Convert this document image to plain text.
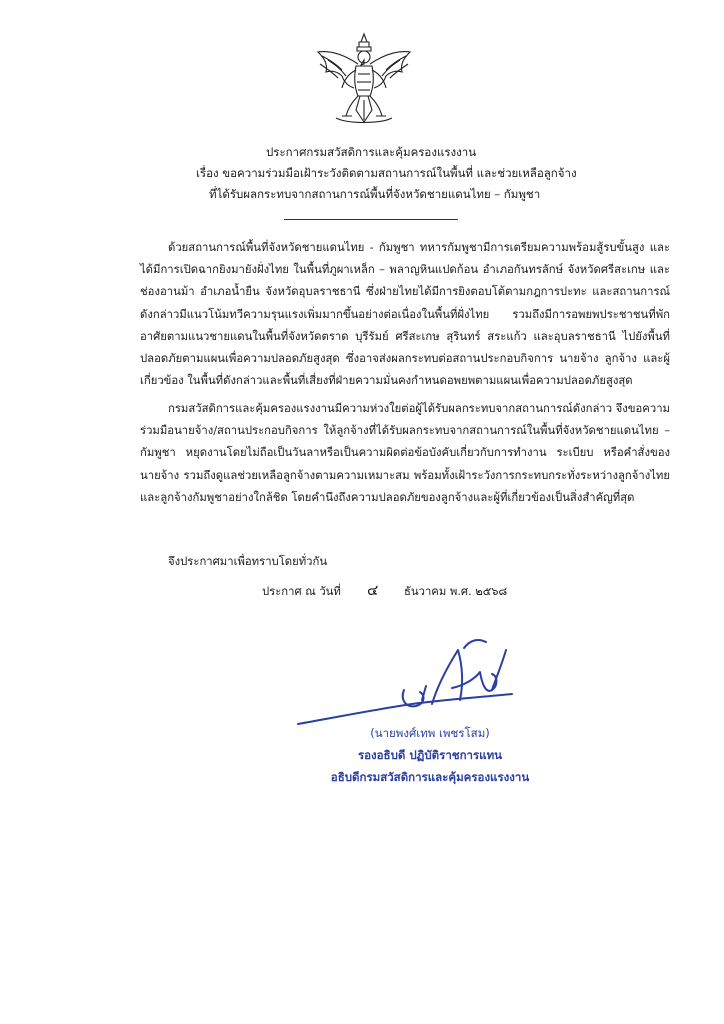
ประกาศกรมสวัสดิการและคุ้มครองแรงงาน
เรื่อง ขอความร่วมมือเฝ้าระวังติดตามสถานการณ์ในพื้นที่ และช่วยเหลือลูกจ้าง
ที่ได้รับผลกระทบจากสถานการณ์พื้นที่จังหวัดชายแดนไทย – กัมพูชา

ด้วยสถานการณ์พื้นที่จังหวัดชายแดนไทย - กัมพูชา ทหารกัมพูชามีการเตรียมความพร้อมสู้รบขั้นสูง และได้มีการเปิดฉากยิงมายังฝั่งไทย ในพื้นที่ภูผาเหล็ก – พลาญหินแปดก้อน อำเภอกันทรลักษ์ จังหวัดศรีสะเกษ และช่องอานม้า อำเภอน้ำยืน จังหวัดอุบลราชธานี ซึ่งฝ่ายไทยได้มีการยิงตอบโต้ตามกฎการปะทะ และสถานการณ์ดังกล่าวมีแนวโน้มทวีความรุนแรงเพิ่มมากขึ้นอย่างต่อเนื่องในพื้นที่ฝั่งไทย รวมถึงมีการอพยพประชาชนที่พักอาศัยตามแนวชายแดนในพื้นที่จังหวัดตราด บุรีรัมย์ ศรีสะเกษ สุรินทร์ สระแก้ว และอุบลราชธานี ไปยังพื้นที่ปลอดภัยตามแผนเพื่อความปลอดภัยสูงสุด ซึ่งอาจส่งผลกระทบต่อสถานประกอบกิจการ นายจ้าง ลูกจ้าง และผู้เกี่ยวข้อง ในพื้นที่ดังกล่าวและพื้นที่เสี่ยงที่ฝ่ายความมั่นคงกำหนดอพยพตามแผนเพื่อความปลอดภัยสูงสุด

กรมสวัสดิการและคุ้มครองแรงงานมีความห่วงใยต่อผู้ได้รับผลกระทบจากสถานการณ์ดังกล่าว จึงขอความร่วมมือนายจ้าง/สถานประกอบกิจการ ให้ลูกจ้างที่ได้รับผลกระทบจากสถานการณ์ในพื้นที่จังหวัดชายแดนไทย – กัมพูชา หยุดงานโดยไม่ถือเป็นวันลาหรือเป็นความผิดต่อข้อบังคับเกี่ยวกับการทำงาน ระเบียบ หรือคำสั่งของนายจ้าง รวมถึงดูแลช่วยเหลือลูกจ้างตามความเหมาะสม พร้อมทั้งเฝ้าระวังการกระทบกระทั่งระหว่างลูกจ้างไทยและลูกจ้างกัมพูชาอย่างใกล้ชิด โดยคำนึงถึงความปลอดภัยของลูกจ้างและผู้ที่เกี่ยวข้องเป็นสิ่งสำคัญที่สุด

จึงประกาศมาเพื่อทราบโดยทั่วกัน
ประกาศ ณ วันที่ ๔ ธันวาคม พ.ศ. ๒๕๖๘
(นายพงศ์เทพ เพชรโสม)
รองอธิบดี ปฏิบัติราชการแทน
อธิบดีกรมสวัสดิการและคุ้มครองแรงงาน
